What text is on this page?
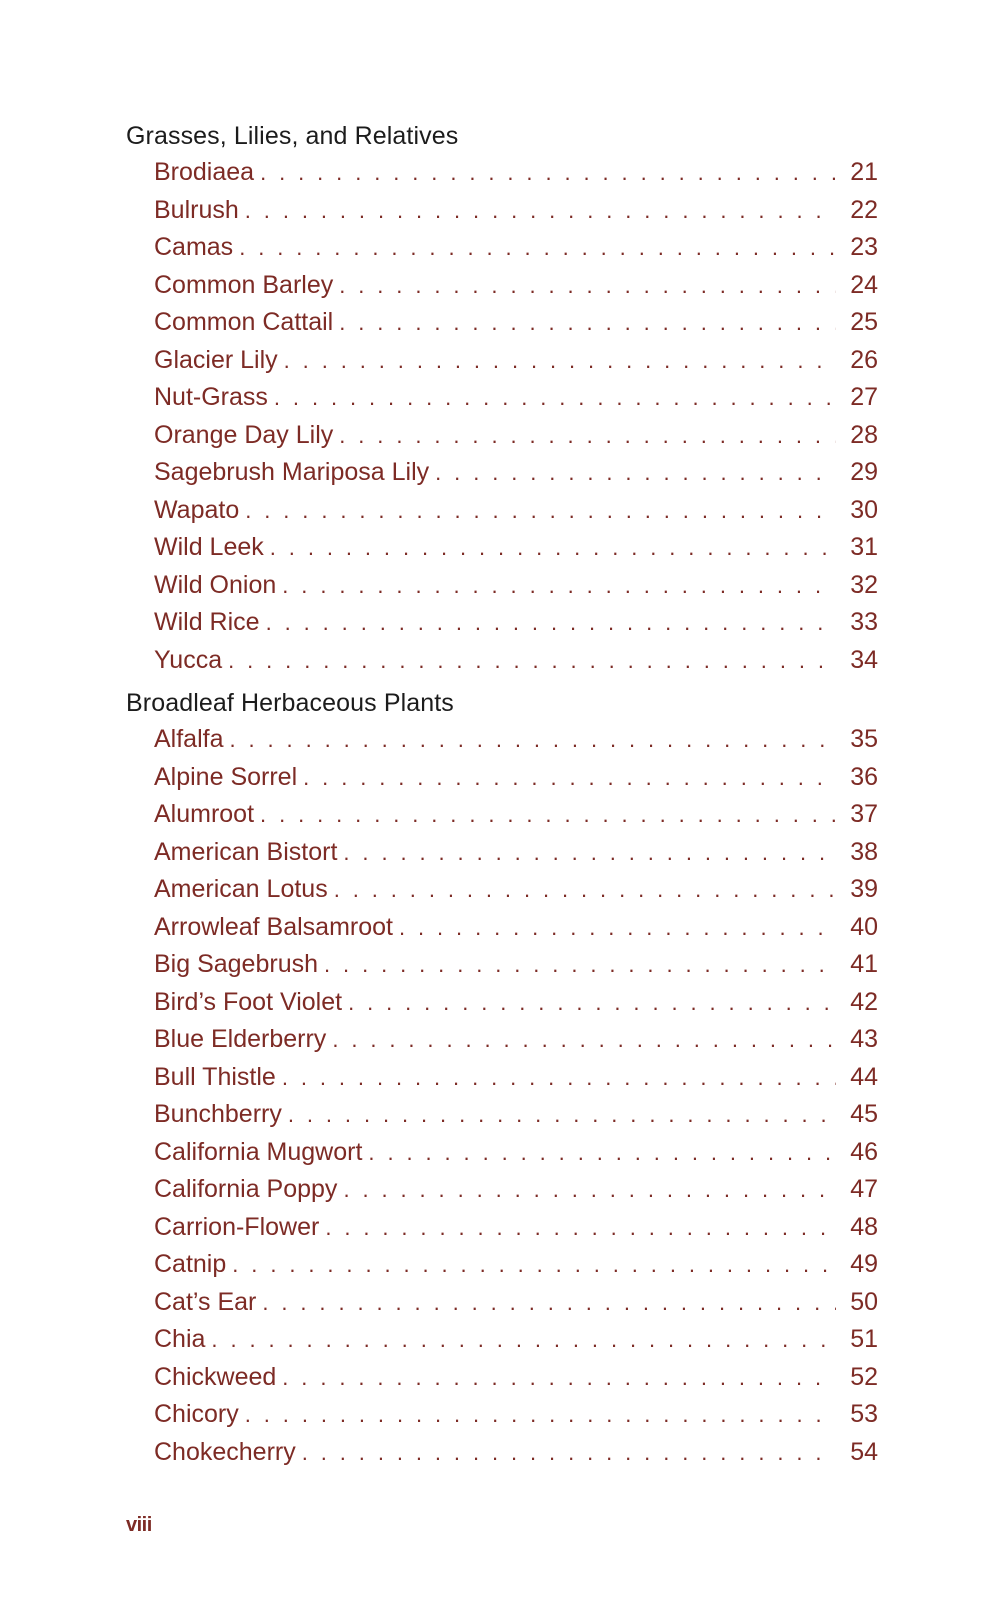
Grasses, Lilies, and Relatives
Brodiaea . . .	21
Bulrush . . .	22
Camas . . .	23
Common Barley . . .	24
Common Cattail . . .	25
Glacier Lily . . .	26
Nut-Grass . . .	27
Orange Day Lily . . .	28
Sagebrush Mariposa Lily . . .	29
Wapato . . .	30
Wild Leek . . .	31
Wild Onion . . .	32
Wild Rice . . .	33
Yucca . . .	34
Broadleaf Herbaceous Plants
Alfalfa . . .	35
Alpine Sorrel . . .	36
Alumroot . . .	37
American Bistort . . .	38
American Lotus . . .	39
Arrowleaf Balsamroot . . .	40
Big Sagebrush . . .	41
Bird’s Foot Violet . . .	42
Blue Elderberry . . .	43
Bull Thistle . . .	44
Bunchberry . . .	45
California Mugwort . . .	46
California Poppy . . .	47
Carrion-Flower . . .	48
Catnip . . .	49
Cat’s Ear . . .	50
Chia . . .	51
Chickweed . . .	52
Chicory . . .	53
Chokecherry . . .	54
viii
